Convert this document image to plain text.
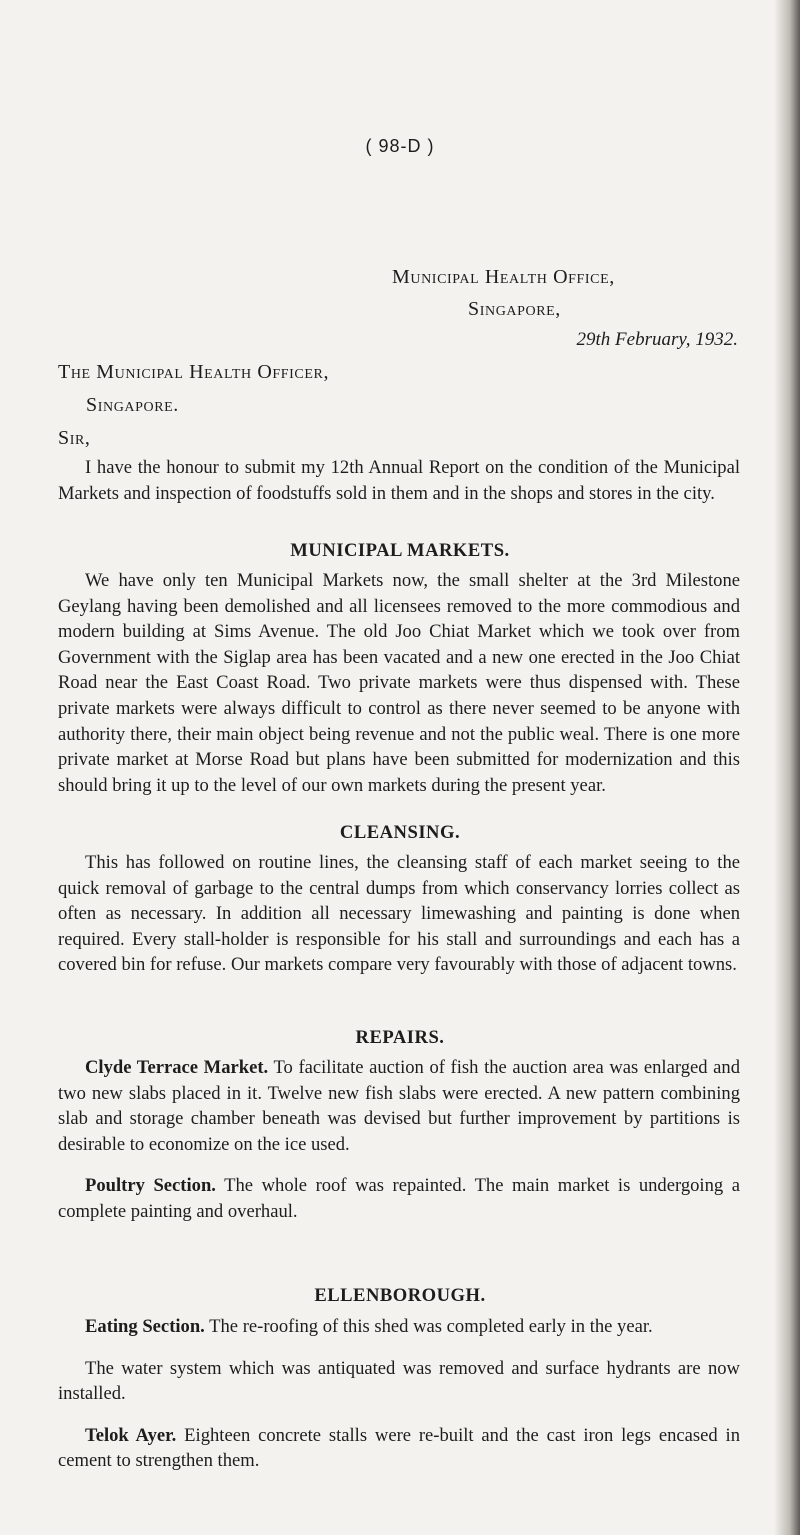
( 98-D )
Municipal Health Office,
Singapore,
29th February, 1932.
The Municipal Health Officer,
Singapore.
Sir,

I have the honour to submit my 12th Annual Report on the condition of the Municipal Markets and inspection of foodstuffs sold in them and in the shops and stores in the city.

MUNICIPAL MARKETS.

We have only ten Municipal Markets now, the small shelter at the 3rd Milestone Geylang having been demolished and all licensees removed to the more commodious and modern building at Sims Avenue. The old Joo Chiat Market which we took over from Government with the Siglap area has been vacated and a new one erected in the Joo Chiat Road near the East Coast Road. Two private markets were thus dispensed with. These private markets were always difficult to control as there never seemed to be anyone with authority there, their main object being revenue and not the public weal. There is one more private market at Morse Road but plans have been submitted for modernization and this should bring it up to the level of our own markets during the present year.

CLEANSING.

This has followed on routine lines, the cleansing staff of each market seeing to the quick removal of garbage to the central dumps from which conservancy lorries collect as often as necessary. In addition all necessary limewashing and painting is done when required. Every stall-holder is responsible for his stall and surroundings and each has a covered bin for refuse. Our markets compare very favourably with those of adjacent towns.

REPAIRS.

Clyde Terrace Market. To facilitate auction of fish the auction area was enlarged and two new slabs placed in it. Twelve new fish slabs were erected. A new pattern combining slab and storage chamber beneath was devised but further improvement by partitions is desirable to economize on the ice used.

Poultry Section. The whole roof was repainted. The main market is undergoing a complete painting and overhaul.

ELLENBOROUGH.

Eating Section. The re-roofing of this shed was completed early in the year.

The water system which was antiquated was removed and surface hydrants are now installed.

Telok Ayer. Eighteen concrete stalls were re-built and the cast iron legs encased in cement to strengthen them.
